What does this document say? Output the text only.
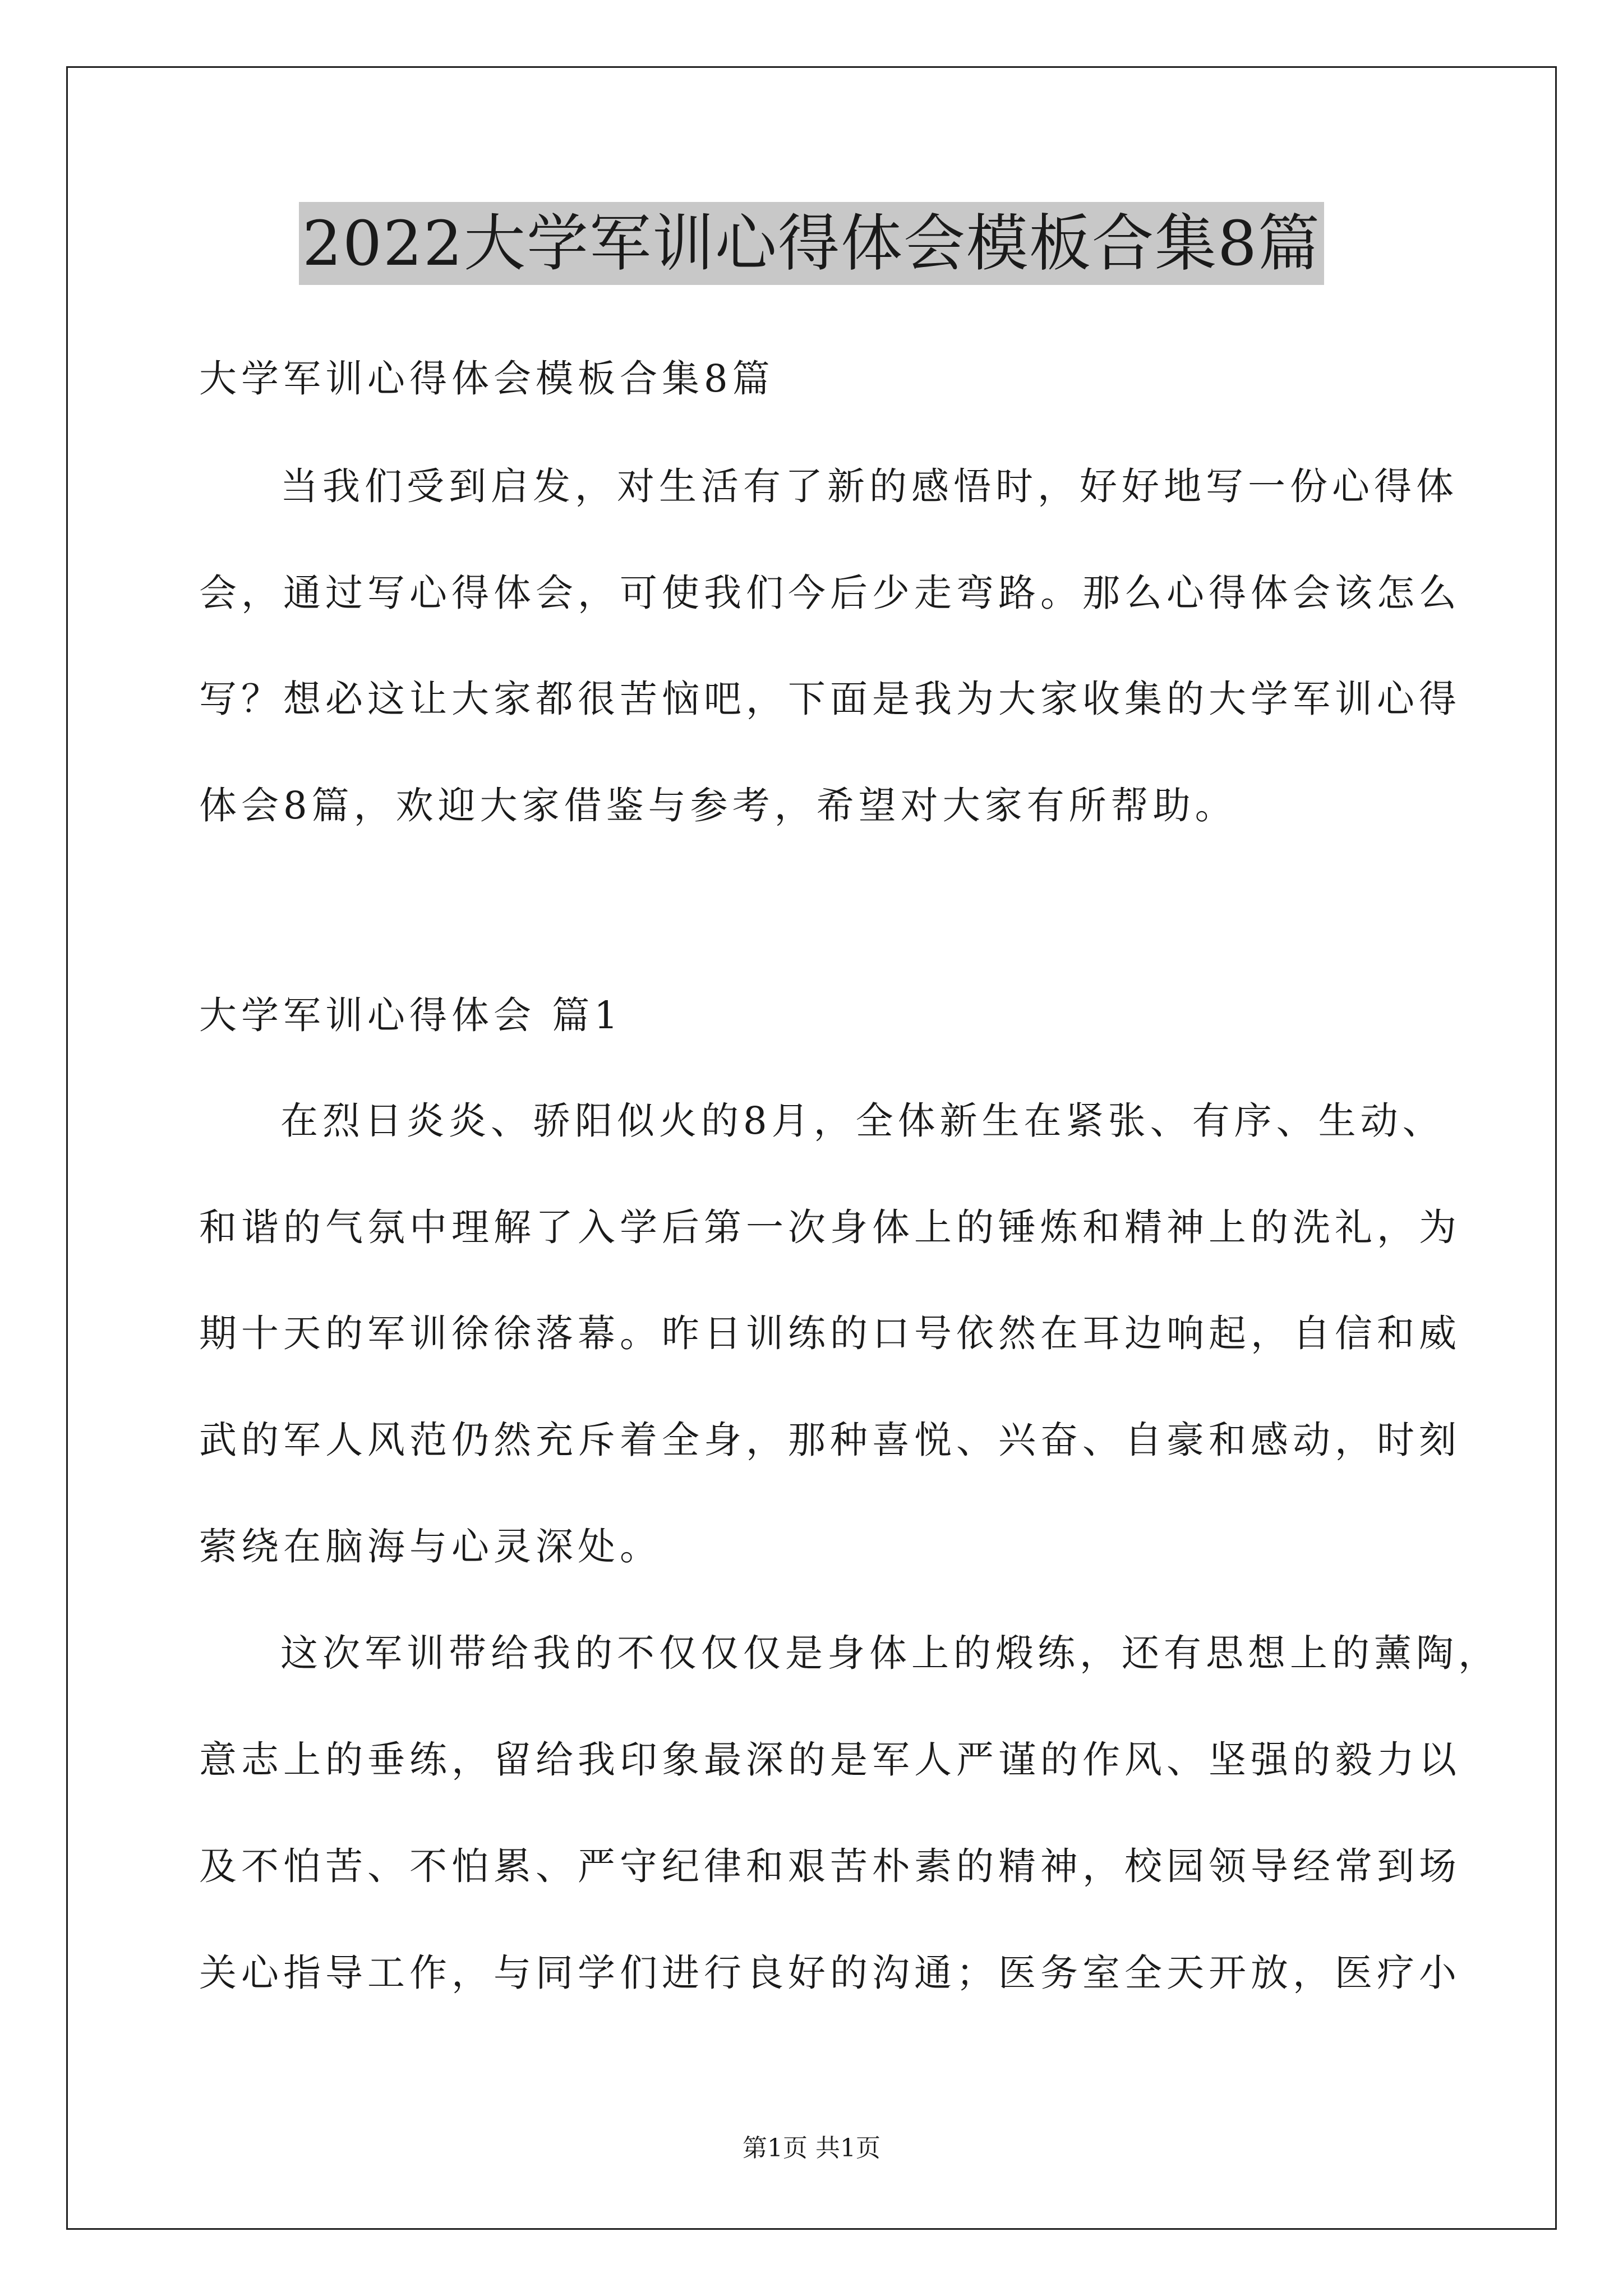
2022大学军训心得体会模板合集8篇
大学军训心得体会模板合集8篇
当我们受到启发，对生活有了新的感悟时，好好地写一份心得体
会，通过写心得体会，可使我们今后少走弯路。那么心得体会该怎么
写？想必这让大家都很苦恼吧，下面是我为大家收集的大学军训心得
体会8篇，欢迎大家借鉴与参考，希望对大家有所帮助。
大学军训心得体会 篇1
在烈日炎炎、骄阳似火的8月，全体新生在紧张、有序、生动、
和谐的气氛中理解了入学后第一次身体上的锤炼和精神上的洗礼，为
期十天的军训徐徐落幕。昨日训练的口号依然在耳边响起，自信和威
武的军人风范仍然充斥着全身，那种喜悦、兴奋、自豪和感动，时刻
萦绕在脑海与心灵深处。
这次军训带给我的不仅仅仅是身体上的煅练，还有思想上的薰陶，
意志上的垂练，留给我印象最深的是军人严谨的作风、坚强的毅力以
及不怕苦、不怕累、严守纪律和艰苦朴素的精神，校园领导经常到场
关心指导工作，与同学们进行良好的沟通；医务室全天开放，医疗小
第1页 共1页
